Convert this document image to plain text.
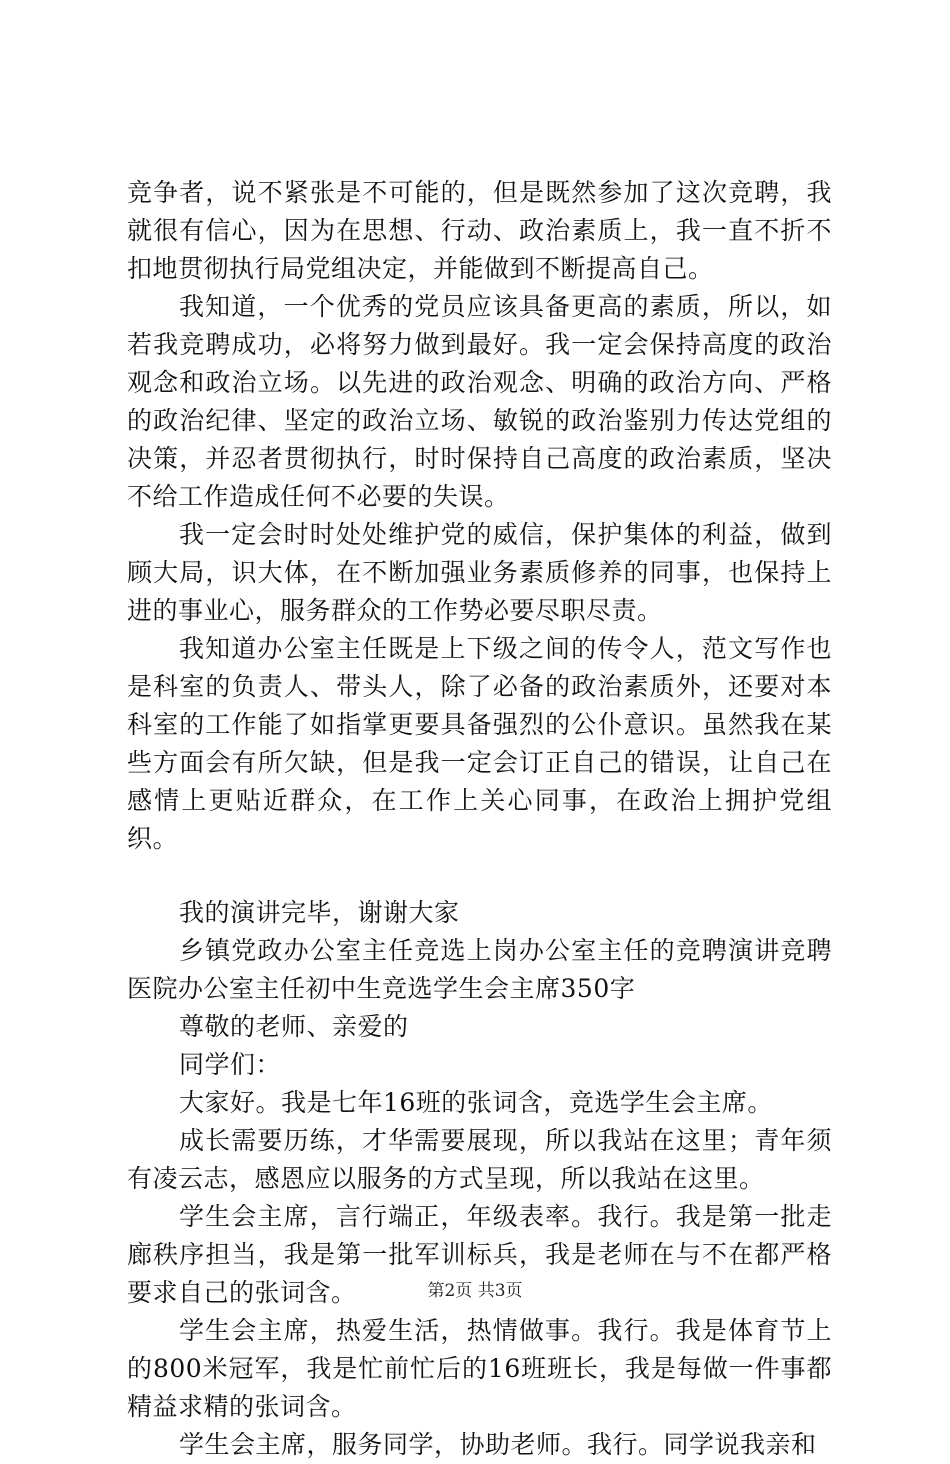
竞争者，说不紧张是不可能的，但是既然参加了这次竞聘，我就很有信心，因为在思想、行动、政治素质上，我一直不折不扣地贯彻执行局党组决定，并能做到不断提高自己。

我知道，一个优秀的党员应该具备更高的素质，所以，如若我竞聘成功，必将努力做到最好。我一定会保持高度的政治观念和政治立场。以先进的政治观念、明确的政治方向、严格的政治纪律、坚定的政治立场、敏锐的政治鉴别力传达党组的决策，并忍者贯彻执行，时时保持自己高度的政治素质，坚决不给工作造成任何不必要的失误。

我一定会时时处处维护党的威信，保护集体的利益，做到顾大局，识大体，在不断加强业务素质修养的同事，也保持上进的事业心，服务群众的工作势必要尽职尽责。

我知道办公室主任既是上下级之间的传令人，范文写作也是科室的负责人、带头人，除了必备的政治素质外，还要对本科室的工作能了如指掌更要具备强烈的公仆意识。虽然我在某些方面会有所欠缺，但是我一定会订正自己的错误，让自己在感情上更贴近群众，在工作上关心同事，在政治上拥护党组织。

我的演讲完毕，谢谢大家

乡镇党政办公室主任竞选上岗办公室主任的竞聘演讲竞聘医院办公室主任初中生竞选学生会主席350字

尊敬的老师、亲爱的

同学们：

大家好。我是七年16班的张词含，竞选学生会主席。

成长需要历练，才华需要展现，所以我站在这里；青年须有凌云志，感恩应以服务的方式呈现，所以我站在这里。

学生会主席，言行端正，年级表率。我行。我是第一批走廊秩序担当，我是第一批军训标兵，我是老师在与不在都严格要求自己的张词含。

学生会主席，热爱生活，热情做事。我行。我是体育节上的800米冠军，我是忙前忙后的16班班长，我是每做一件事都精益求精的张词含。

学生会主席，服务同学，协助老师。我行。同学说我亲和

第2页 共3页
